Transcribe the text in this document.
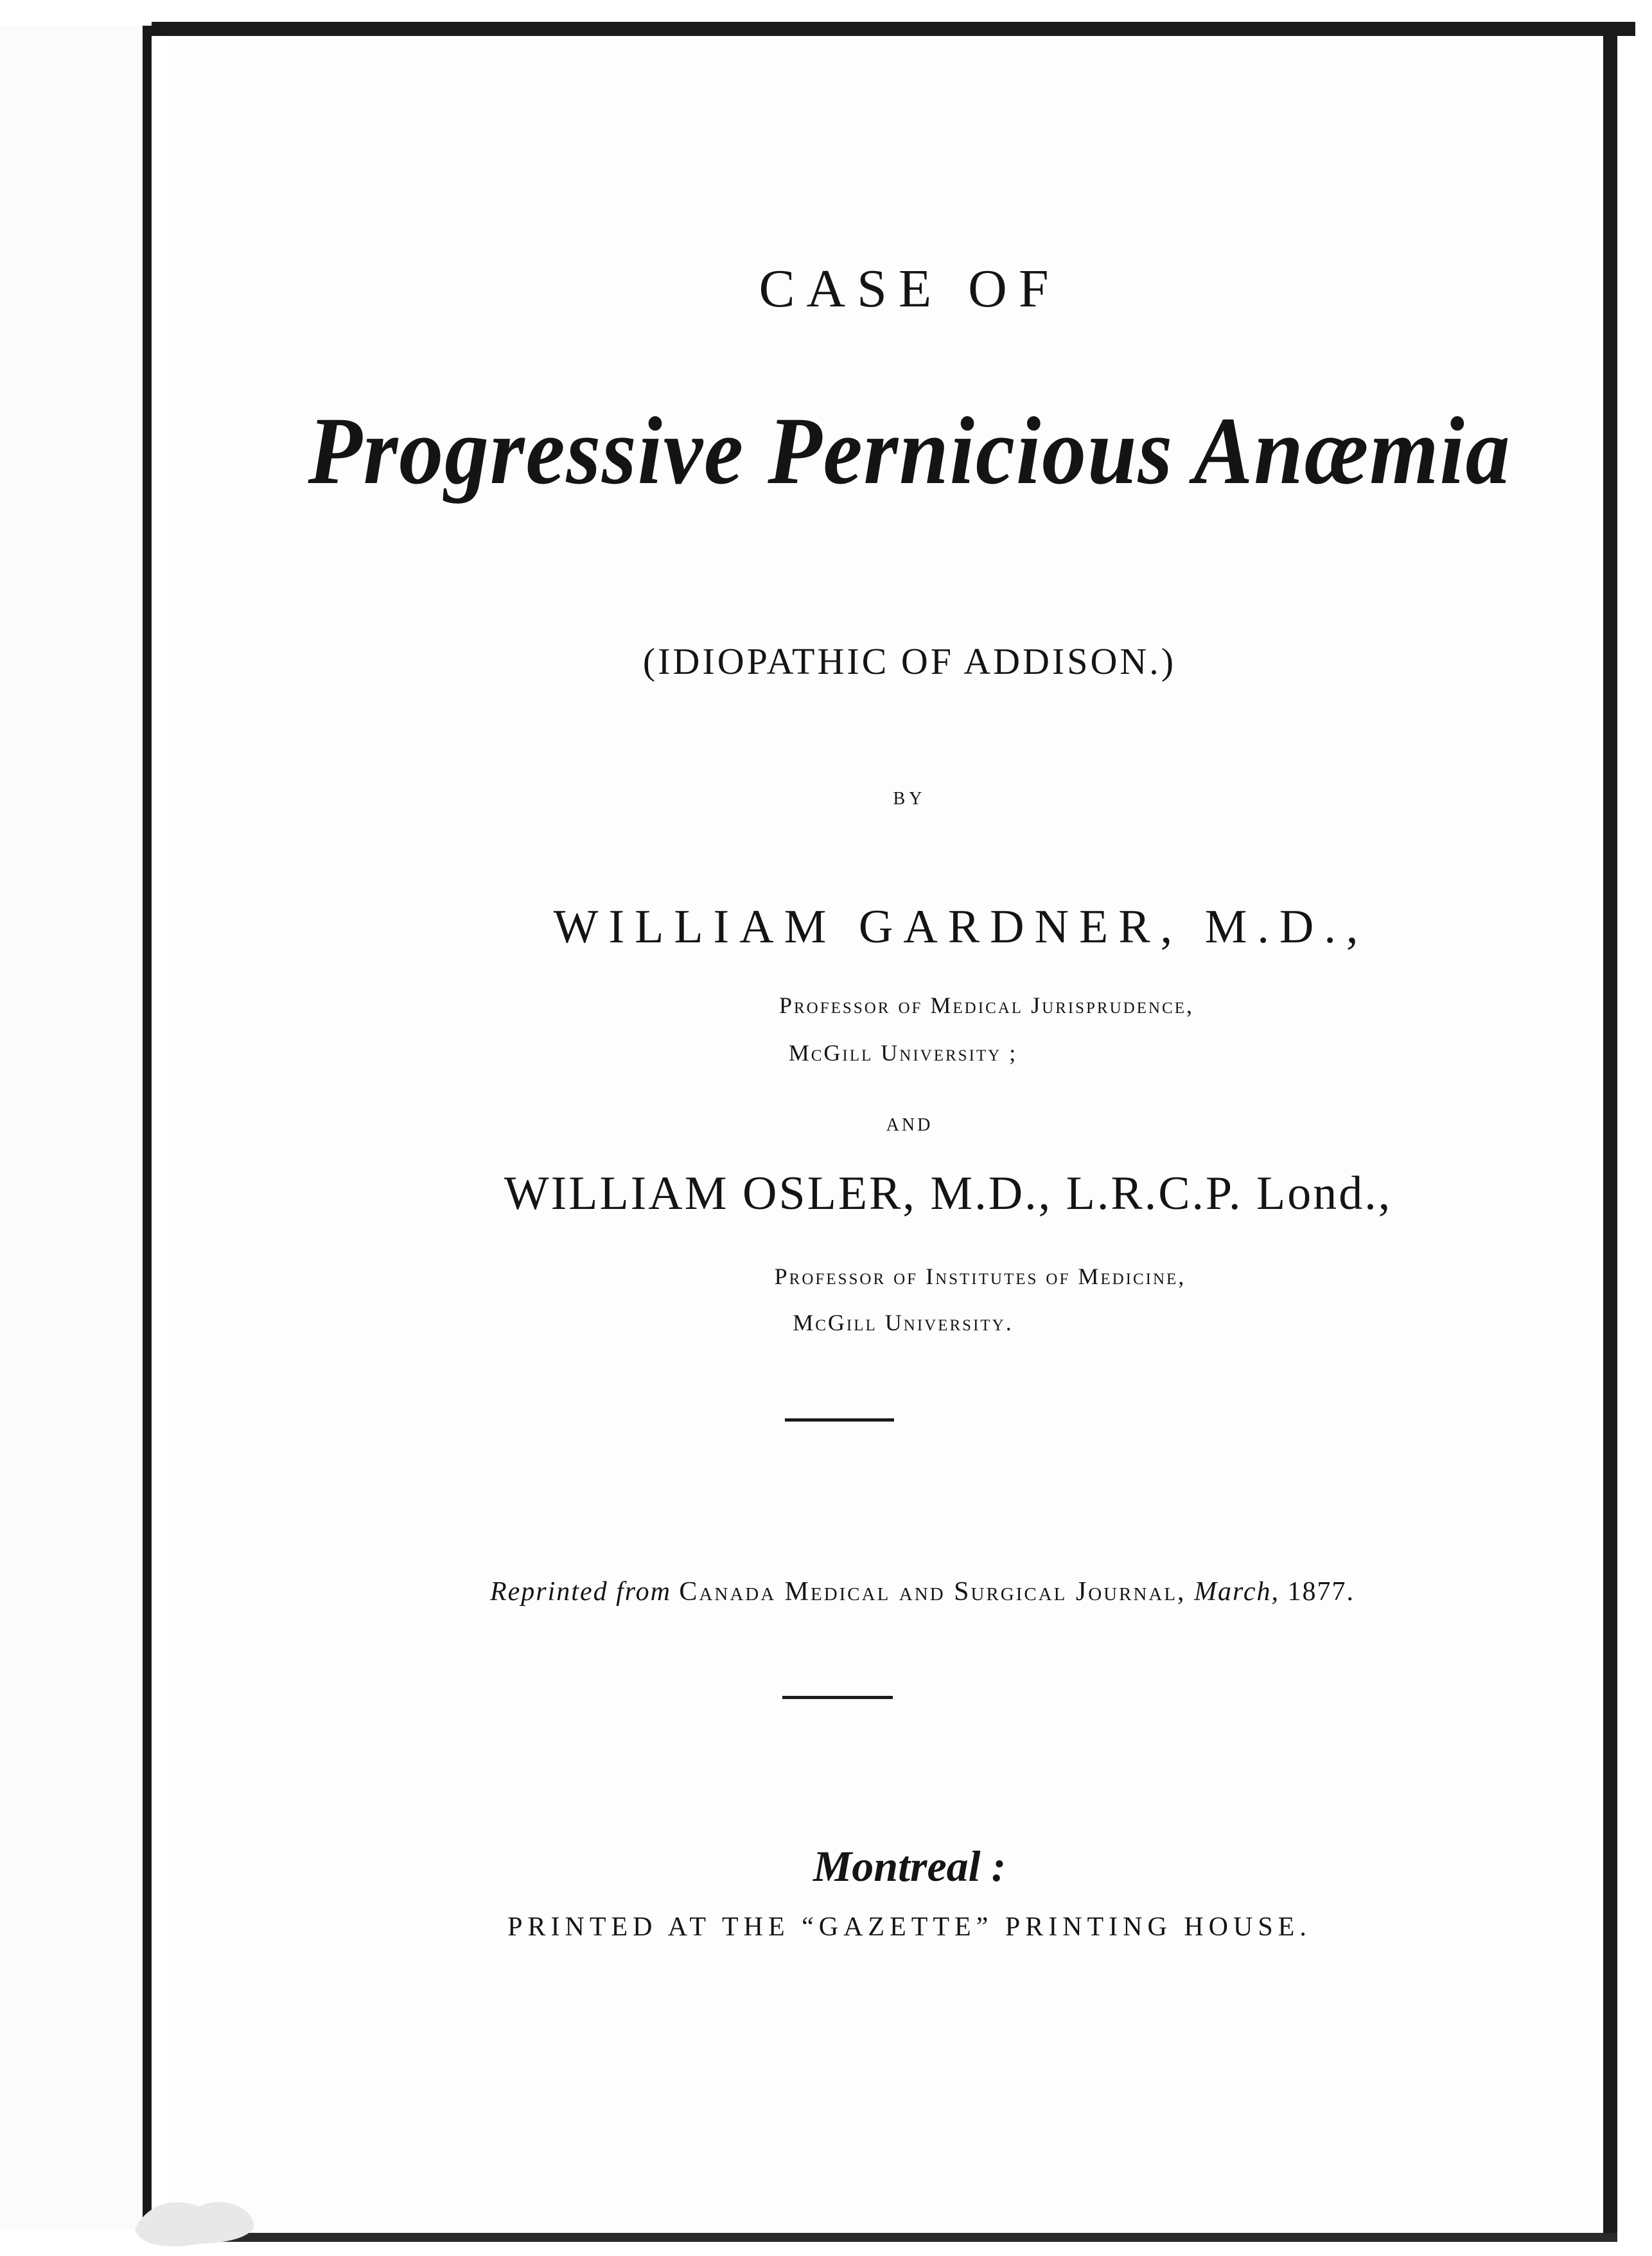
CASE OF
Progressive Pernicious Anæmia
(IDIOPATHIC OF ADDISON.)
BY
WILLIAM GARDNER, M.D.,
Professor of Medical Jurisprudence,
McGill University ;
AND
WILLIAM OSLER, M.D., L.R.C.P. Lond.,
Professor of Institutes of Medicine,
McGill University.
Reprinted from Canada Medical and Surgical Journal, March, 1877.
Montreal :
PRINTED AT THE “GAZETTE” PRINTING HOUSE.
